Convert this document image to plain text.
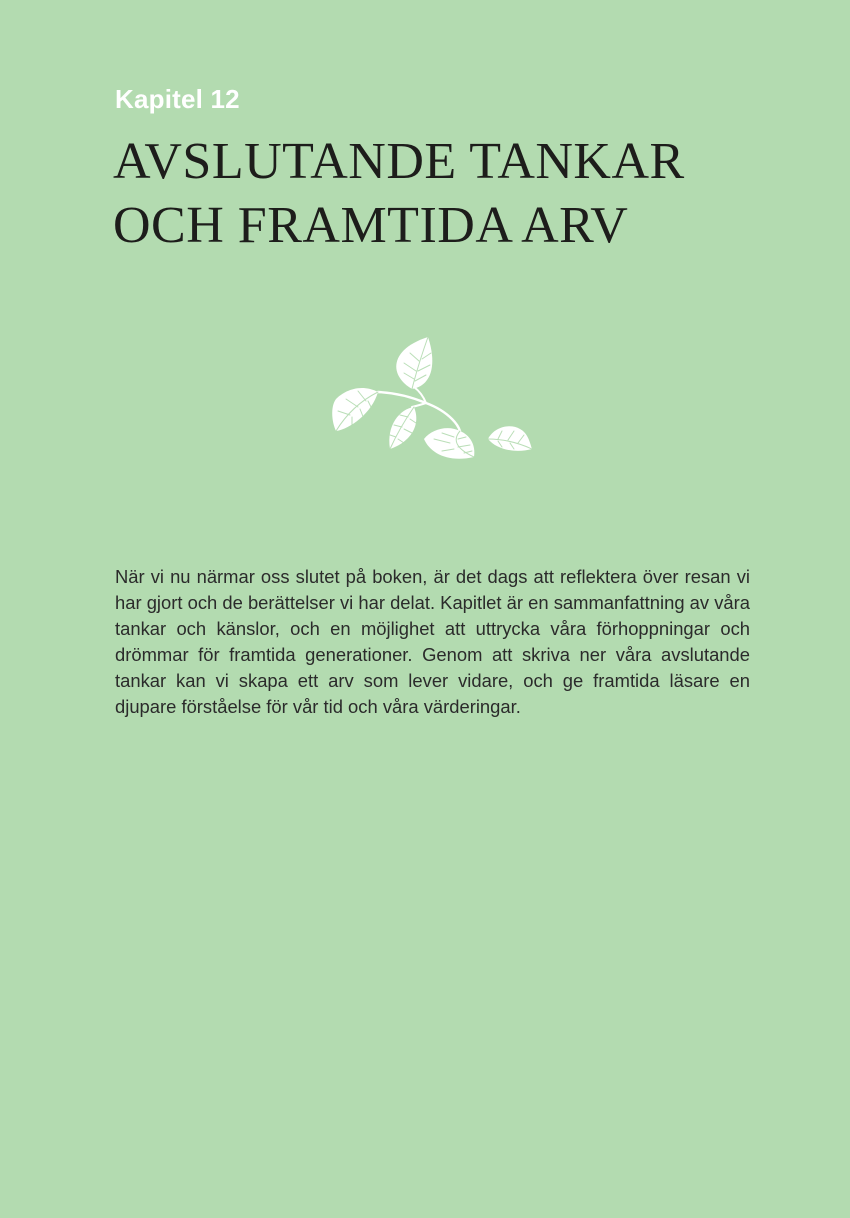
Kapitel 12
AVSLUTANDE TANKAR
OCH FRAMTIDA ARV

När vi nu närmar oss slutet på boken, är det dags att reflektera över resan vi har gjort och de berättelser vi har delat. Kapitlet är en sammanfattning av våra tankar och känslor, och en möjlighet att uttrycka våra förhoppningar och drömmar för framtida generationer. Genom att skriva ner våra avslutande tankar kan vi skapa ett arv som lever vidare, och ge framtida läsare en djupare förståelse för vår tid och våra värderingar.
